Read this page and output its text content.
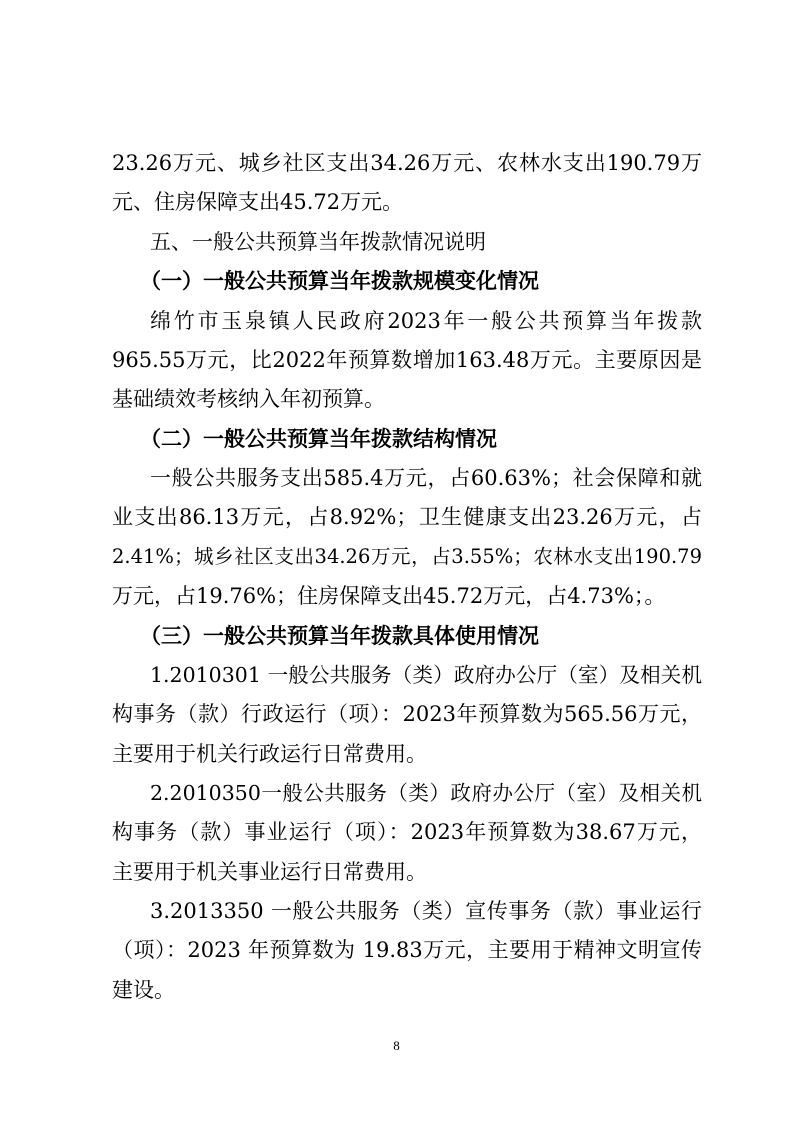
23.26万元、城乡社区支出34.26万元、农林水支出190.79万
元、住房保障支出45.72万元。
五、一般公共预算当年拨款情况说明
（一）一般公共预算当年拨款规模变化情况
绵竹市玉泉镇人民政府2023年一般公共预算当年拨款
965.55万元，比2022年预算数增加163.48万元。主要原因是
基础绩效考核纳入年初预算。
（二）一般公共预算当年拨款结构情况
一般公共服务支出585.4万元，占60.63%；社会保障和就
业支出86.13万元，占8.92%；卫生健康支出23.26万元，占
2.41%；城乡社区支出34.26万元，占3.55%；农林水支出190.79
万元，占19.76%；住房保障支出45.72万元，占4.73%；。
（三）一般公共预算当年拨款具体使用情况
1.2010301 一般公共服务（类）政府办公厅（室）及相关机
构事务（款）行政运行（项）：2023年预算数为565.56万元，
主要用于机关行政运行日常费用。
2.2010350一般公共服务（类）政府办公厅（室）及相关机
构事务（款）事业运行（项）：2023年预算数为38.67万元，
主要用于机关事业运行日常费用。
3.2013350 一般公共服务（类）宣传事务（款）事业运行
（项）：2023 年预算数为 19.83万元，主要用于精神文明宣传
建设。
8
